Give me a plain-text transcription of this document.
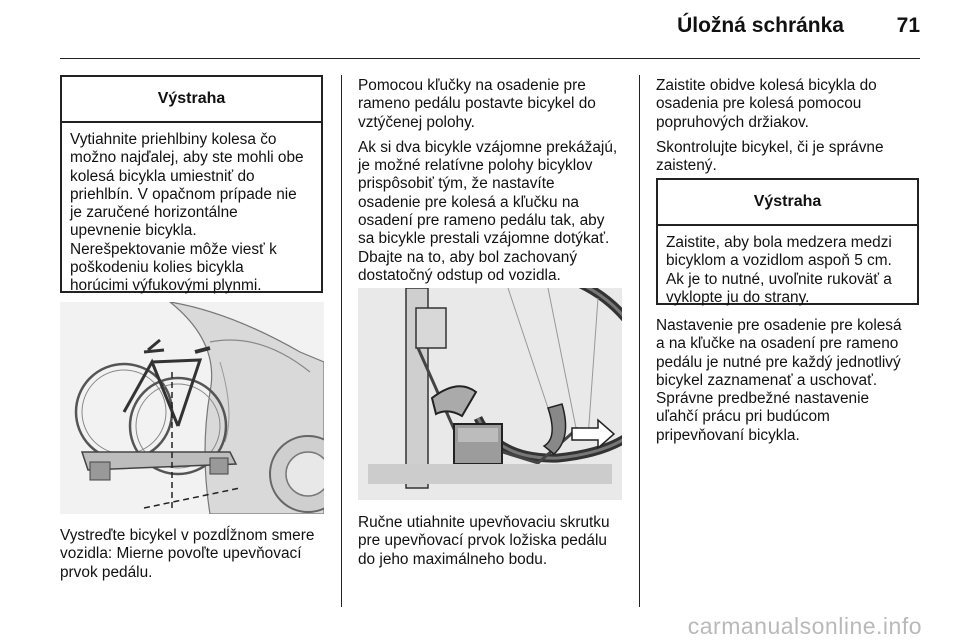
Úložná schránka	71
Výstraha
Vytiahnite priehlbiny kolesa čo
možno najďalej, aby ste mohli obe
kolesá bicykla umiestniť do
priehlbín. V opačnom prípade nie
je zaručené horizontálne
upevnenie bicykla.
Nerešpektovanie môže viesť k
poškodeniu kolies bicykla
horúcimi výfukovými plynmi.
Vystreďte bicykel v pozdĺžnom smere
vozidla: Mierne povoľte upevňovací
prvok pedálu.

Pomocou kľučky na osadenie pre
rameno pedálu postavte bicykel do
vztýčenej polohy.

Ak si dva bicykle vzájomne prekážajú,
je možné relatívne polohy bicyklov
prispôsobiť tým, že nastavíte
osadenie pre kolesá a kľučku na
osadení pre rameno pedálu tak, aby
sa bicykle prestali vzájomne dotýkať.
Dbajte na to, aby bol zachovaný
dostatočný odstup od vozidla.

Ručne utiahnite upevňovaciu skrutku
pre upevňovací prvok ložiska pedálu
do jeho maximálneho bodu.

Zaistite obidve kolesá bicykla do
osadenia pre kolesá pomocou
popruhových držiakov.

Skontrolujte bicykel, či je správne
zaistený.

Výstraha
Zaistite, aby bola medzera medzi
bicyklom a vozidlom aspoň 5 cm.
Ak je to nutné, uvoľnite rukoväť a
vyklopte ju do strany.
Nastavenie pre osadenie pre kolesá
a na kľučke na osadení pre rameno
pedálu je nutné pre každý jednotlivý
bicykel zaznamenať a uschovať.
Správne predbežné nastavenie
uľahčí prácu pri budúcom
pripevňovaní bicykla.
carmanualsonline.info
